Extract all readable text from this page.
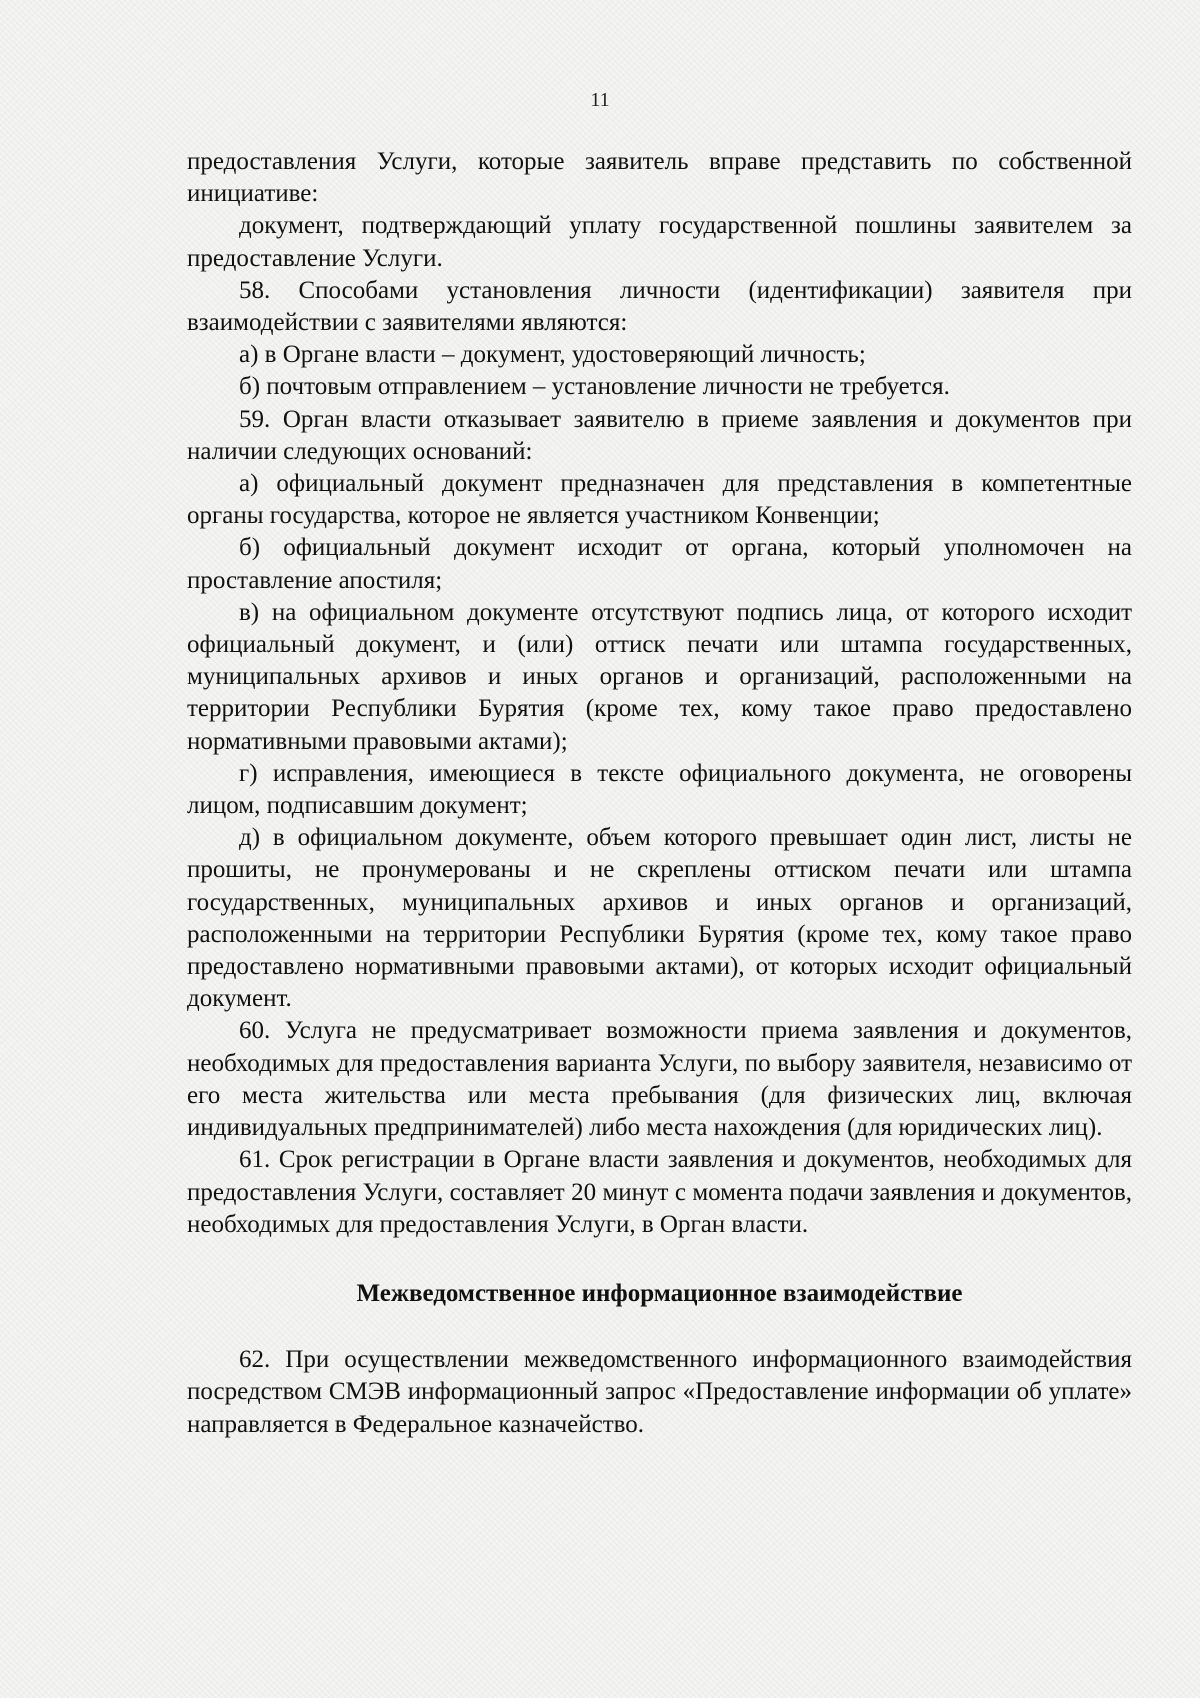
11

предоставления Услуги, которые заявитель вправе представить по собственной инициативе:

документ, подтверждающий уплату государственной пошлины заявителем за предоставление Услуги.

58. Способами установления личности (идентификации) заявителя при взаимодействии с заявителями являются:

а) в Органе власти – документ, удостоверяющий личность;

б) почтовым отправлением – установление личности не требуется.

59. Орган власти отказывает заявителю в приеме заявления и документов при наличии следующих оснований:

а) официальный документ предназначен для представления в компетентные органы государства, которое не является участником Конвенции;

б) официальный документ исходит от органа, который уполномочен на проставление апостиля;

в) на официальном документе отсутствуют подпись лица, от которого исходит официальный документ, и (или) оттиск печати или штампа государственных, муниципальных архивов и иных органов и организаций, расположенными на территории Республики Бурятия (кроме тех, кому такое право предоставлено нормативными правовыми актами);

г) исправления, имеющиеся в тексте официального документа, не оговорены лицом, подписавшим документ;

д) в официальном документе, объем которого превышает один лист, листы не прошиты, не пронумерованы и не скреплены оттиском печати или штампа государственных, муниципальных архивов и иных органов и организаций, расположенными на территории Республики Бурятия (кроме тех, кому такое право предоставлено нормативными правовыми актами), от которых исходит официальный документ.

60. Услуга не предусматривает возможности приема заявления и документов, необходимых для предоставления варианта Услуги, по выбору заявителя, независимо от его места жительства или места пребывания (для физических лиц, включая индивидуальных предпринимателей) либо места нахождения (для юридических лиц).

61. Срок регистрации в Органе власти заявления и документов, необходимых для предоставления Услуги, составляет 20 минут с момента подачи заявления и документов, необходимых для предоставления Услуги, в Орган власти.

Межведомственное информационное взаимодействие

62. При осуществлении межведомственного информационного взаимодействия посредством СМЭВ информационный запрос «Предоставление информации об уплате» направляется в Федеральное казначейство.
